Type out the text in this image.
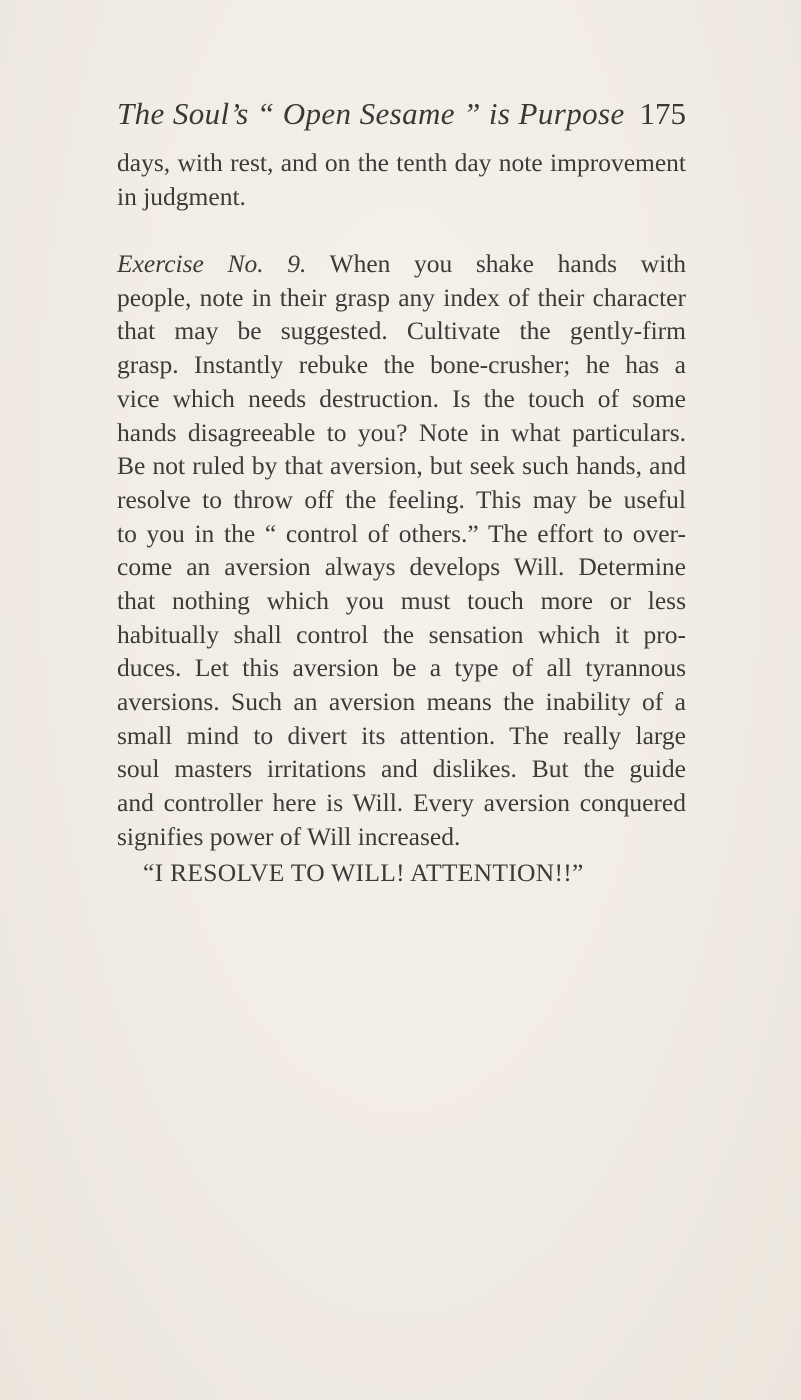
The Soul’s “ Open Sesame ” is Purpose 175
days, with rest, and on the tenth day note improvement
in judgment.
Exercise No. 9. When you shake hands with
people, note in their grasp any index of their character
that may be suggested. Cultivate the gently-firm
grasp. Instantly rebuke the bone-crusher; he has a
vice which needs destruction. Is the touch of some
hands disagreeable to you? Note in what particulars.
Be not ruled by that aversion, but seek such hands, and
resolve to throw off the feeling. This may be useful
to you in the “ control of others.” The effort to over-
come an aversion always develops Will. Determine
that nothing which you must touch more or less
habitually shall control the sensation which it pro-
duces. Let this aversion be a type of all tyrannous
aversions. Such an aversion means the inability of a
small mind to divert its attention. The really large
soul masters irritations and dislikes. But the guide
and controller here is Will. Every aversion conquered
signifies power of Will increased.
“I RESOLVE TO WILL! ATTENTION!!”
